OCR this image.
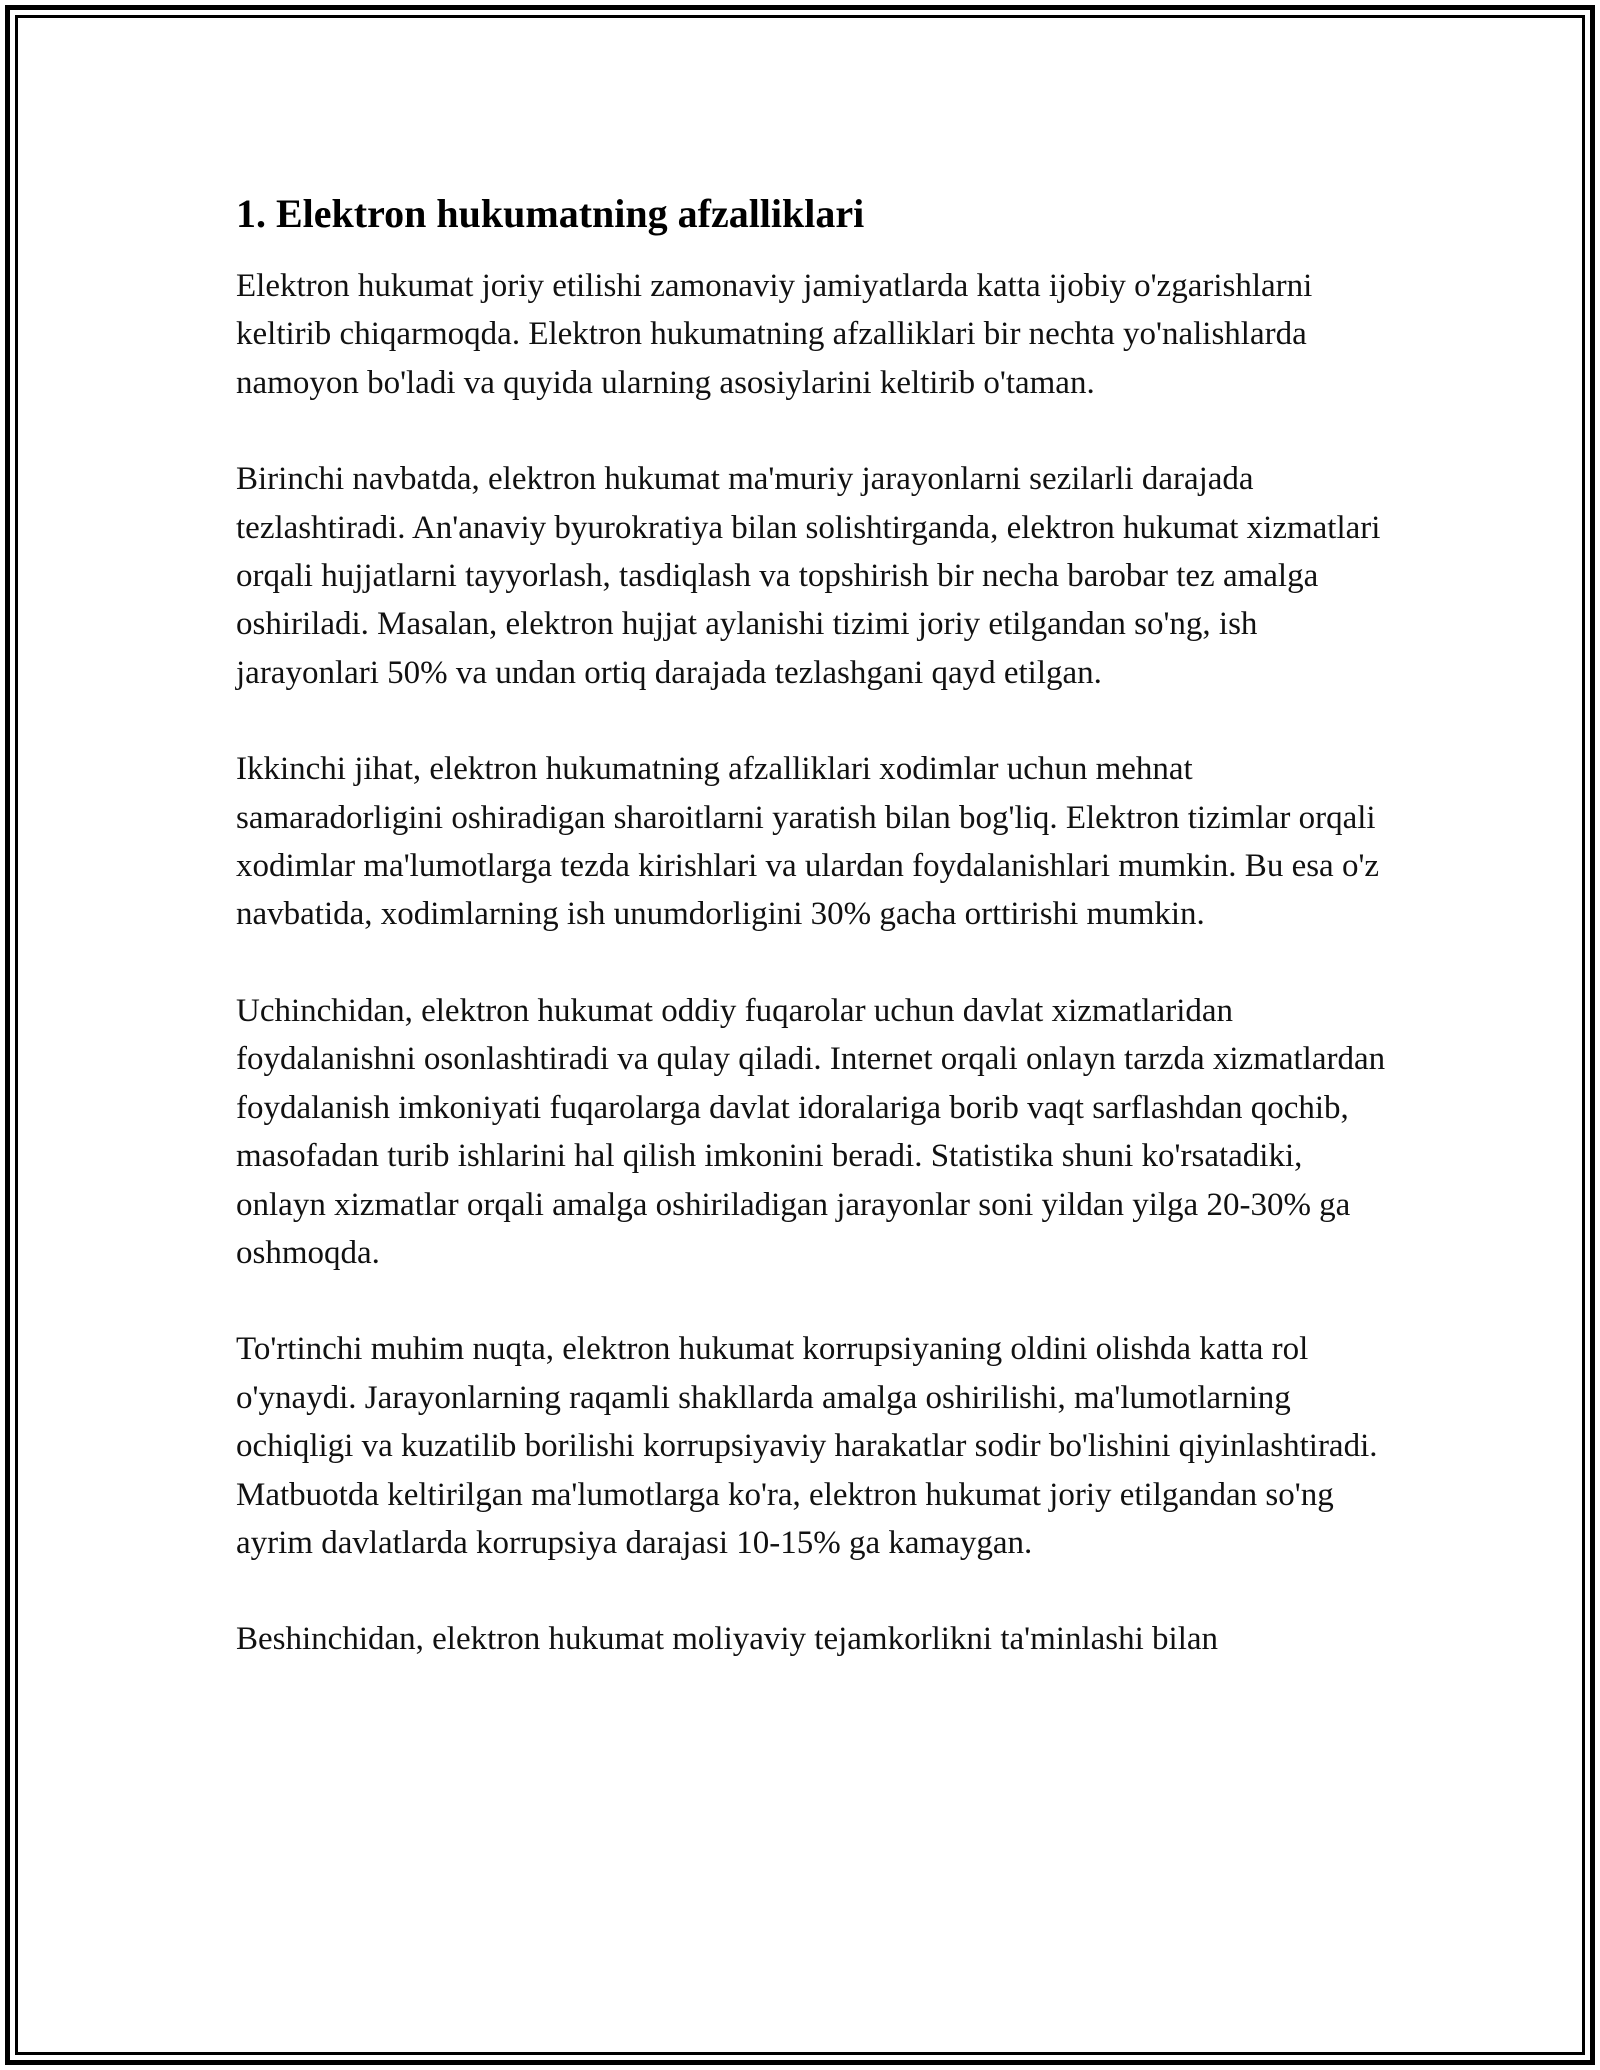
1. Elektron hukumatning afzalliklari

Elektron hukumat joriy etilishi zamonaviy jamiyatlarda katta ijobiy o'zgarishlarni keltirib chiqarmoqda. Elektron hukumatning afzalliklari bir nechta yo'nalishlarda namoyon bo'ladi va quyida ularning asosiylarini keltirib o'taman.

Birinchi navbatda, elektron hukumat ma'muriy jarayonlarni sezilarli darajada tezlashtiradi. An'anaviy byurokratiya bilan solishtirganda, elektron hukumat xizmatlari orqali hujjatlarni tayyorlash, tasdiqlash va topshirish bir necha barobar tez amalga oshiriladi. Masalan, elektron hujjat aylanishi tizimi joriy etilgandan so'ng, ish jarayonlari 50% va undan ortiq darajada tezlashgani qayd etilgan.

Ikkinchi jihat, elektron hukumatning afzalliklari xodimlar uchun mehnat samaradorligini oshiradigan sharoitlarni yaratish bilan bog'liq. Elektron tizimlar orqali xodimlar ma'lumotlarga tezda kirishlari va ulardan foydalanishlari mumkin. Bu esa o'z navbatida, xodimlarning ish unumdorligini 30% gacha orttirishi mumkin.

Uchinchidan, elektron hukumat oddiy fuqarolar uchun davlat xizmatlaridan foydalanishni osonlashtiradi va qulay qiladi. Internet orqali onlayn tarzda xizmatlardan foydalanish imkoniyati fuqarolarga davlat idoralariga borib vaqt sarflashdan qochib, masofadan turib ishlarini hal qilish imkonini beradi. Statistika shuni ko'rsatadiki, onlayn xizmatlar orqali amalga oshiriladigan jarayonlar soni yildan yilga 20-30% ga oshmoqda.

To'rtinchi muhim nuqta, elektron hukumat korrupsiyaning oldini olishda katta rol o'ynaydi. Jarayonlarning raqamli shakllarda amalga oshirilishi, ma'lumotlarning ochiqligi va kuzatilib borilishi korrupsiyaviy harakatlar sodir bo'lishini qiyinlashtiradi. Matbuotda keltirilgan ma'lumotlarga ko'ra, elektron hukumat joriy etilgandan so'ng ayrim davlatlarda korrupsiya darajasi 10-15% ga kamaygan.

Beshinchidan, elektron hukumat moliyaviy tejamkorlikni ta'minlashi bilan
